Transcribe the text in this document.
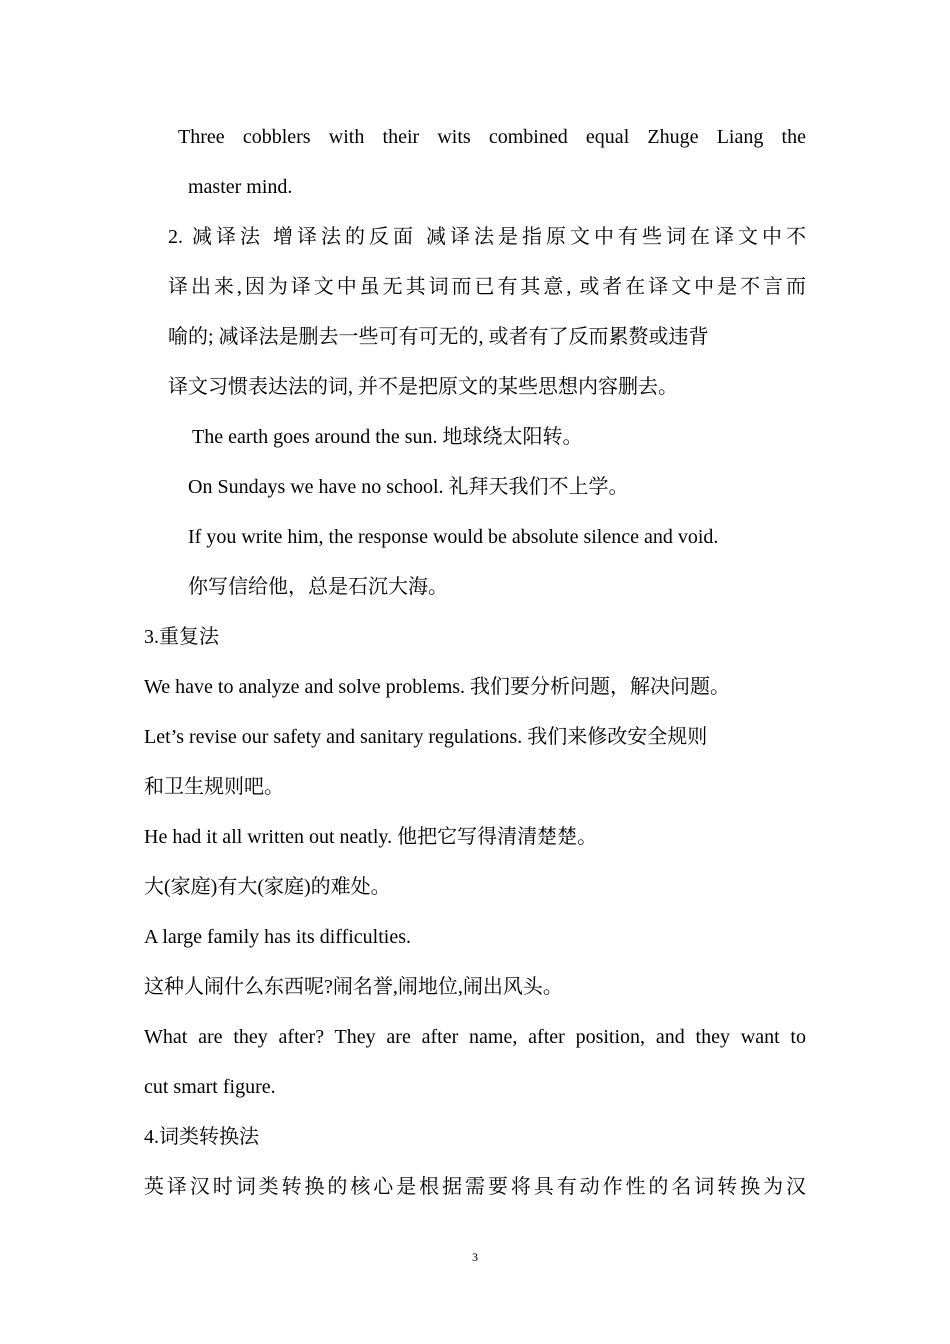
Three cobblers with their wits combined equal Zhuge Liang the
master mind.
2. 减译法 增译法的反面 减译法是指原文中有些词在译文中不
译出来,因为译文中虽无其词而已有其意, 或者在译文中是不言而
喻的; 减译法是删去一些可有可无的, 或者有了反而累赘或违背
译文习惯表达法的词, 并不是把原文的某些思想内容删去。
The earth goes around the sun. 地球绕太阳转。
On Sundays we have no school. 礼拜天我们不上学。
If you write him, the response would be absolute silence and void.
你写信给他，总是石沉大海。
3.重复法
We have to analyze and solve problems. 我们要分析问题，解决问题。
Let’s revise our safety and sanitary regulations. 我们来修改安全规则
和卫生规则吧。
He had it all written out neatly. 他把它写得清清楚楚。
大(家庭)有大(家庭)的难处。
A large family has its difficulties.
这种人闹什么东西呢?闹名誉,闹地位,闹出风头。
What are they after? They are after name, after position, and they want to
cut smart figure.
4.词类转换法
英译汉时词类转换的核心是根据需要将具有动作性的名词转换为汉
3
